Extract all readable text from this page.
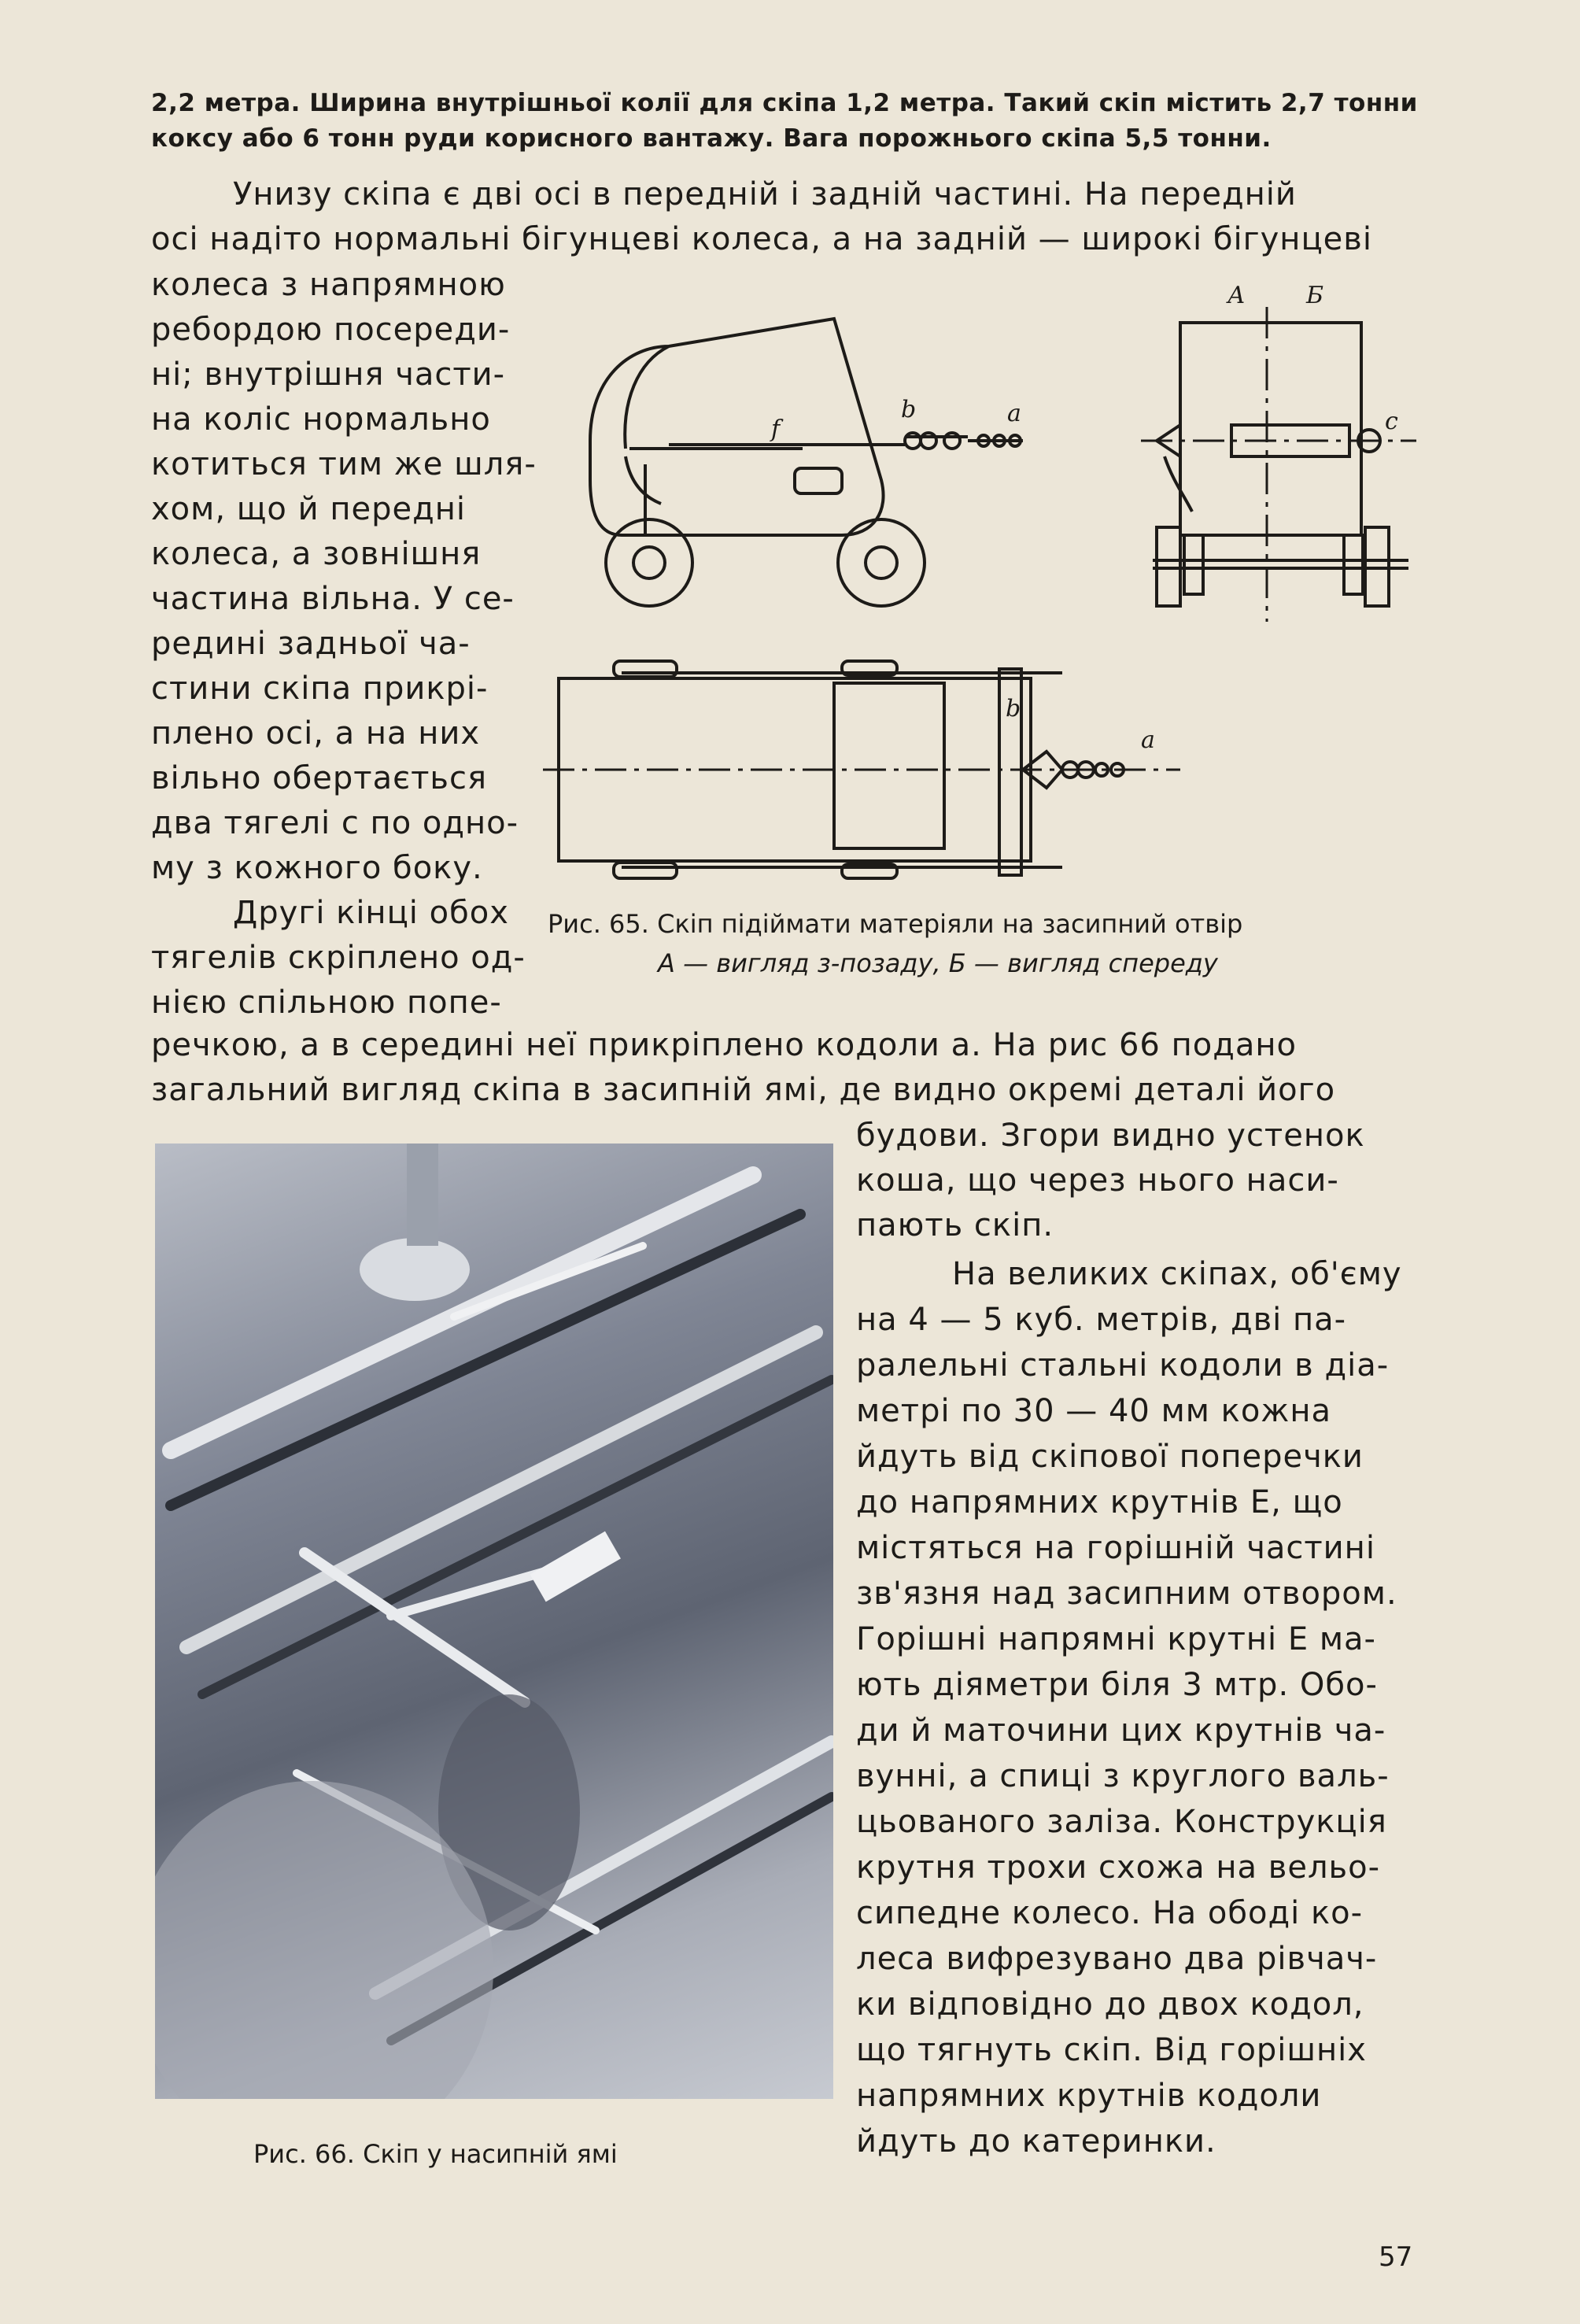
2,2 метра. Ширина внутрішньої колії для скіпа 1,2 метра. Такий скіп містить 2,7 тонни

коксу або 6 тонн руди корисного вантажу. Вага порожнього скіпа 5,5 тонни.

Унизу скіпа є дві осі в передній і задній частині. На передній

осі надіто нормальні бігунцеві колеса, а на задній — широкі бігунцеві

колеса з напрямною

ребордою посереди-

ні; внутрішня части-

на коліс нормально

котиться тим же шля-

хом, що й передні

колеса, а зовнішня

частина вільна. У се-

редині задньої ча-

стини скіпа прикрі-

плено осі, а на них

вільно обертається

два тягелі c по одно-

му з кожного боку.

Другі кінці обох

тягелів скріплено од-

нією спільною попе-

А	Б
a
b
f	c
a
b

Рис. 65. Скіп підіймати матеріяли на засипний отвір

A — вигляд з-позаду, Б — вигляд спереду

речкою, а в середині неї прикріплено кодоли a. На рис 66 подано

загальний вигляд скіпа в засипній ямі, де видно окремі деталі його

Рис. 66. Скіп у насипній ямі

будови. Згори видно устенок

коша, що через нього наси-

пають скіп.

На великих скіпах, об'єму

на 4 — 5 куб. метрів, дві па-

ралельні стальні кодоли в діа-

метрі по 30 — 40 мм кожна

йдуть від скіпової поперечки

до напрямних крутнів E, що

містяться на горішній частині

зв'язня над засипним отвором.

Горішні напрямні крутні E ма-

ють діяметри біля 3 мтр. Обо-

ди й маточини цих крутнів ча-

вунні, а спиці з круглого валь-

цьованого заліза. Конструкція

крутня трохи схожа на вельо-

сипедне колесо. На ободі ко-

леса вифрезувано два рівчач-

ки відповідно до двох кодол,

що тягнуть скіп. Від горішніх

напрямних крутнів кодоли

йдуть до катеринки.

57
